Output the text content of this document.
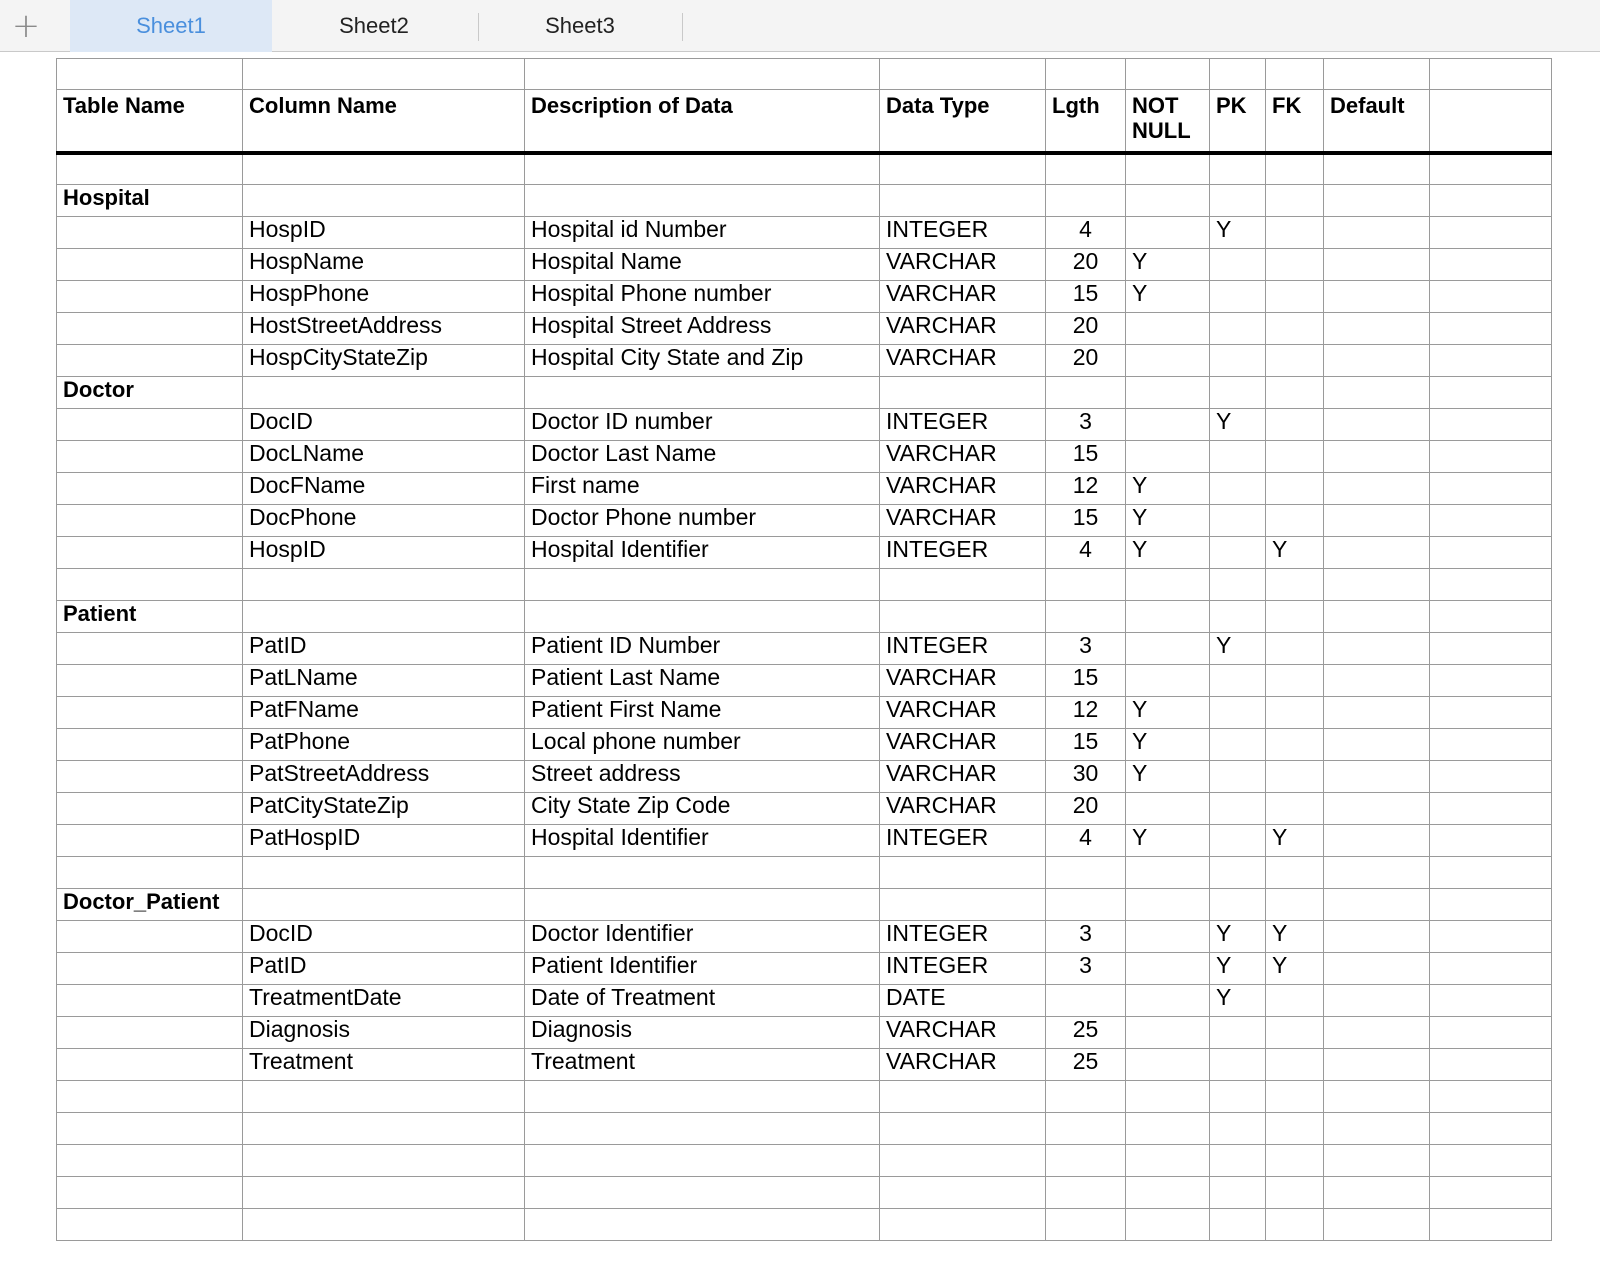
+	Sheet1	Sheet2	Sheet3

Table Name	Column Name	Description of Data	Data Type	Lgth	NOT NULL	PK	FK	Default	

Hospital									
	HospID	Hospital id Number	INTEGER	4		Y			
	HospName	Hospital Name	VARCHAR	20	Y				
	HospPhone	Hospital Phone number	VARCHAR	15	Y				
	HostStreetAddress	Hospital Street Address	VARCHAR	20					
	HospCityStateZip	Hospital City State and Zip	VARCHAR	20					
Doctor									
	DocID	Doctor ID number	INTEGER	3		Y			
	DocLName	Doctor Last Name	VARCHAR	15					
	DocFName	First name	VARCHAR	12	Y				
	DocPhone	Doctor Phone number	VARCHAR	15	Y				
	HospID	Hospital Identifier	INTEGER	4	Y		Y		

Patient									
	PatID	Patient ID Number	INTEGER	3		Y			
	PatLName	Patient Last Name	VARCHAR	15					
	PatFName	Patient First Name	VARCHAR	12	Y				
	PatPhone	Local phone number	VARCHAR	15	Y				
	PatStreetAddress	Street address	VARCHAR	30	Y				
	PatCityStateZip	City State Zip Code	VARCHAR	20					
	PatHospID	Hospital Identifier	INTEGER	4	Y		Y		

Doctor_Patient									
	DocID	Doctor Identifier	INTEGER	3		Y	Y		
	PatID	Patient Identifier	INTEGER	3		Y	Y		
	TreatmentDate	Date of Treatment	DATE			Y			
	Diagnosis	Diagnosis	VARCHAR	25					
	Treatment	Treatment	VARCHAR	25					
